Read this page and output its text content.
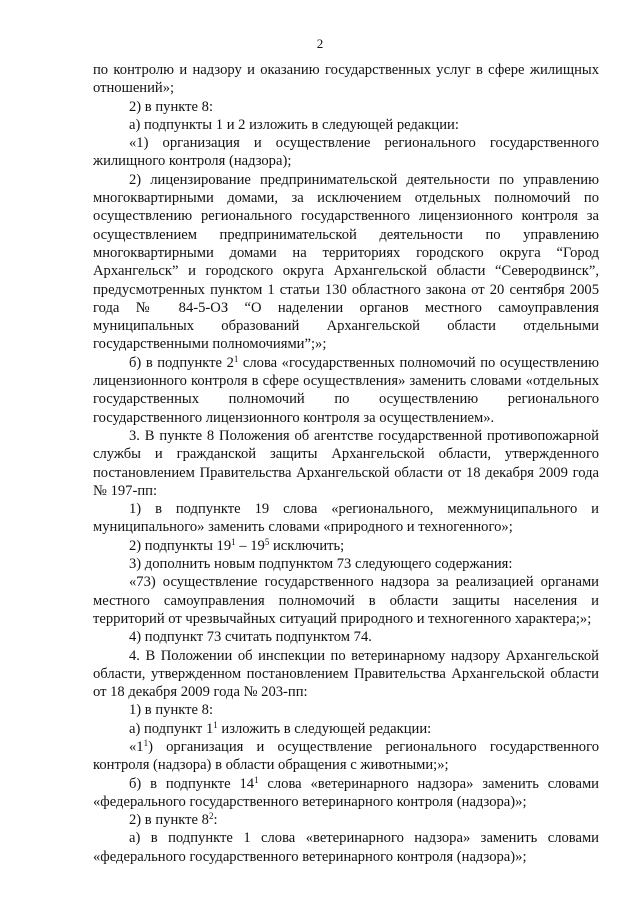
2

по контролю и надзору и оказанию государственных услуг в сфере жилищных отношений»;

2) в пункте 8:

а) подпункты 1 и 2 изложить в следующей редакции:

«1) организация и осуществление регионального государственного жилищного контроля (надзора);

2) лицензирование предпринимательской деятельности по управлению многоквартирными домами, за исключением отдельных полномочий по осуществлению регионального государственного лицензионного контроля за осуществлением предпринимательской деятельности по управлению многоквартирными домами на территориях городского округа “Город Архангельск” и городского округа Архангельской области “Северодвинск”, предусмотренных пунктом 1 статьи 130 областного закона от 20 сентября 2005 года № 84-5-ОЗ “О наделении органов местного самоуправления муниципальных образований Архангельской области отдельными государственными полномочиями”;»;

б) в подпункте $2^1$ слова «государственных полномочий по осуществлению лицензионного контроля в сфере осуществления» заменить словами «отдельных государственных полномочий по осуществлению регионального государственного лицензионного контроля за осуществлением».

3. В пункте 8 Положения об агентстве государственной противопожарной службы и гражданской защиты Архангельской области, утвержденного постановлением Правительства Архангельской области от 18 декабря 2009 года № 197-пп:

1) в подпункте 19 слова «регионального, межмуниципального и муниципального» заменить словами «природного и техногенного»;

2) подпункты $19^1 - 19^5$ исключить;

3) дополнить новым подпунктом 73 следующего содержания:

«73) осуществление государственного надзора за реализацией органами местного самоуправления полномочий в области защиты населения и территорий от чрезвычайных ситуаций природного и техногенного характера;»;

4) подпункт 73 считать подпунктом 74.

4. В Положении об инспекции по ветеринарному надзору Архангельской области, утвержденном постановлением Правительства Архангельской области от 18 декабря 2009 года № 203-пп:

1) в пункте 8:

а) подпункт $1^1$ изложить в следующей редакции:

«$1^1$) организация и осуществление регионального государственного контроля (надзора) в области обращения с животными;»;

б) в подпункте $14^1$ слова «ветеринарного надзора» заменить словами «федерального государственного ветеринарного контроля (надзора)»;

2) в пункте $8^2$:

а) в подпункте 1 слова «ветеринарного надзора» заменить словами «федерального государственного ветеринарного контроля (надзора)»;
